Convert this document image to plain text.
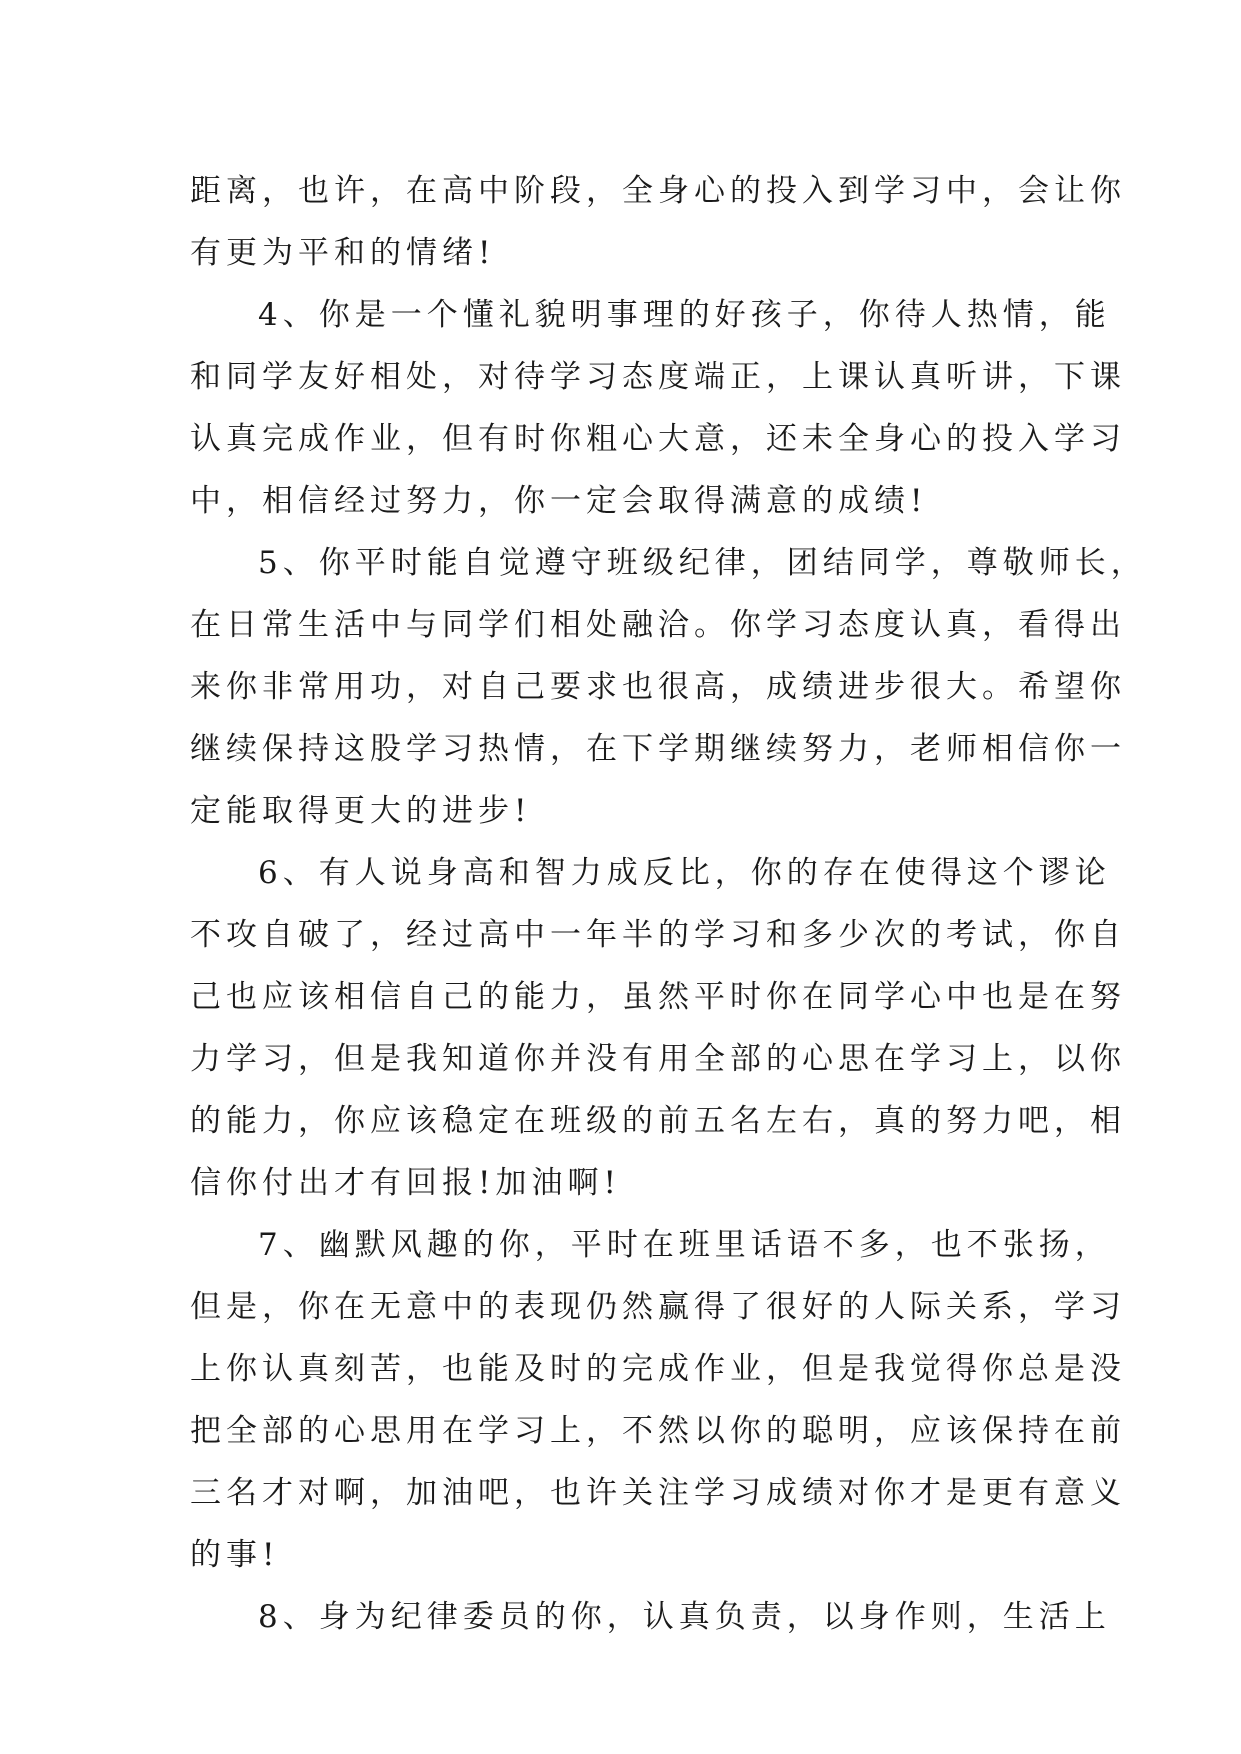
距离，也许，在高中阶段，全身心的投入到学习中，会让你
有更为平和的情绪!
4、你是一个懂礼貌明事理的好孩子，你待人热情，能
和同学友好相处，对待学习态度端正，上课认真听讲，下课
认真完成作业，但有时你粗心大意，还未全身心的投入学习
中，相信经过努力，你一定会取得满意的成绩!
5、你平时能自觉遵守班级纪律，团结同学，尊敬师长，
在日常生活中与同学们相处融洽。你学习态度认真，看得出
来你非常用功，对自己要求也很高，成绩进步很大。希望你
继续保持这股学习热情，在下学期继续努力，老师相信你一
定能取得更大的进步!
6、有人说身高和智力成反比，你的存在使得这个谬论
不攻自破了，经过高中一年半的学习和多少次的考试，你自
己也应该相信自己的能力，虽然平时你在同学心中也是在努
力学习，但是我知道你并没有用全部的心思在学习上，以你
的能力，你应该稳定在班级的前五名左右，真的努力吧，相
信你付出才有回报!加油啊!
7、幽默风趣的你，平时在班里话语不多，也不张扬，
但是，你在无意中的表现仍然赢得了很好的人际关系，学习
上你认真刻苦，也能及时的完成作业，但是我觉得你总是没
把全部的心思用在学习上，不然以你的聪明，应该保持在前
三名才对啊，加油吧，也许关注学习成绩对你才是更有意义
的事!
8、身为纪律委员的你，认真负责，以身作则，生活上
